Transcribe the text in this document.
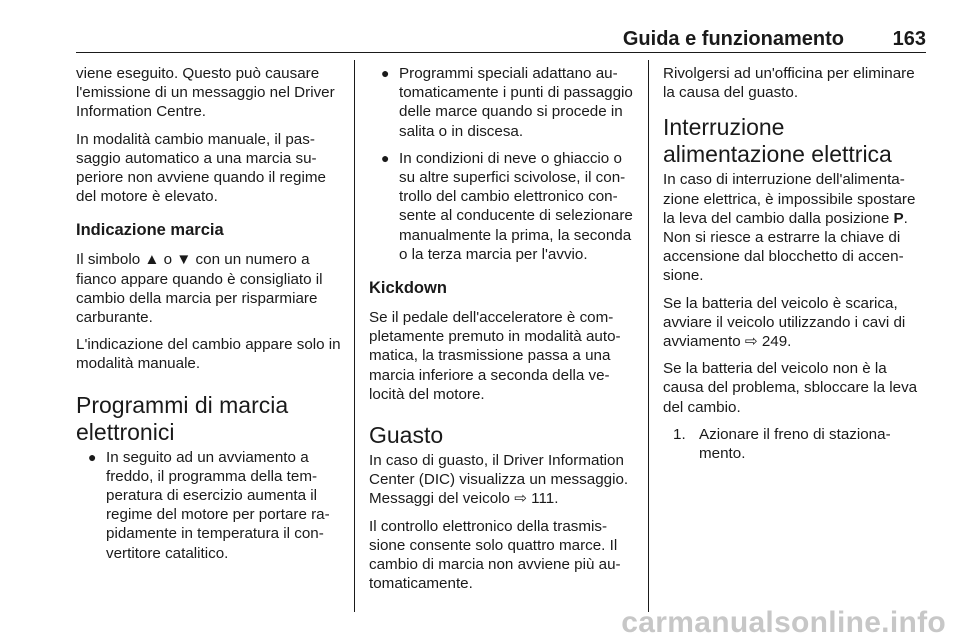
Guida e funzionamento 163

viene eseguito. Questo può causare l'emissione di un messaggio nel Driver Information Centre.

In modalità cambio manuale, il passaggio automatico a una marcia superiore non avviene quando il regime del motore è elevato.

Indicazione marcia

Il simbolo ▲ o ▼ con un numero a fianco appare quando è consigliato il cambio della marcia per risparmiare carburante.

L'indicazione del cambio appare solo in modalità manuale.

Programmi di marcia elettronici
● In seguito ad un avviamento a freddo, il programma della temperatura di esercizio aumenta il regime del motore per portare rapidamente in temperatura il convertitore catalitico.
● Programmi speciali adattano automaticamente i punti di passaggio delle marce quando si procede in salita o in discesa.
● In condizioni di neve o ghiaccio o su altre superfici scivolose, il controllo del cambio elettronico consente al conducente di selezionare manualmente la prima, la seconda o la terza marcia per l'avvio.
Kickdown

Se il pedale dell'acceleratore è completamente premuto in modalità automatica, la trasmissione passa a una marcia inferiore a seconda della velocità del motore.

Guasto

In caso di guasto, il Driver Information Center (DIC) visualizza un messaggio. Messaggi del veicolo ⇨ 111.

Il controllo elettronico della trasmissione consente solo quattro marce. Il cambio di marcia non avviene più automaticamente.

Rivolgersi ad un'officina per eliminare la causa del guasto.

Interruzione alimentazione elettrica

In caso di interruzione dell'alimentazione elettrica, è impossibile spostare la leva del cambio dalla posizione P. Non si riesce a estrarre la chiave di accensione dal blocchetto di accensione.

Se la batteria del veicolo è scarica, avviare il veicolo utilizzando i cavi di avviamento ⇨ 249.

Se la batteria del veicolo non è la causa del problema, sbloccare la leva del cambio.

1. Azionare il freno di stazionamento.
carmanualsonline.info
